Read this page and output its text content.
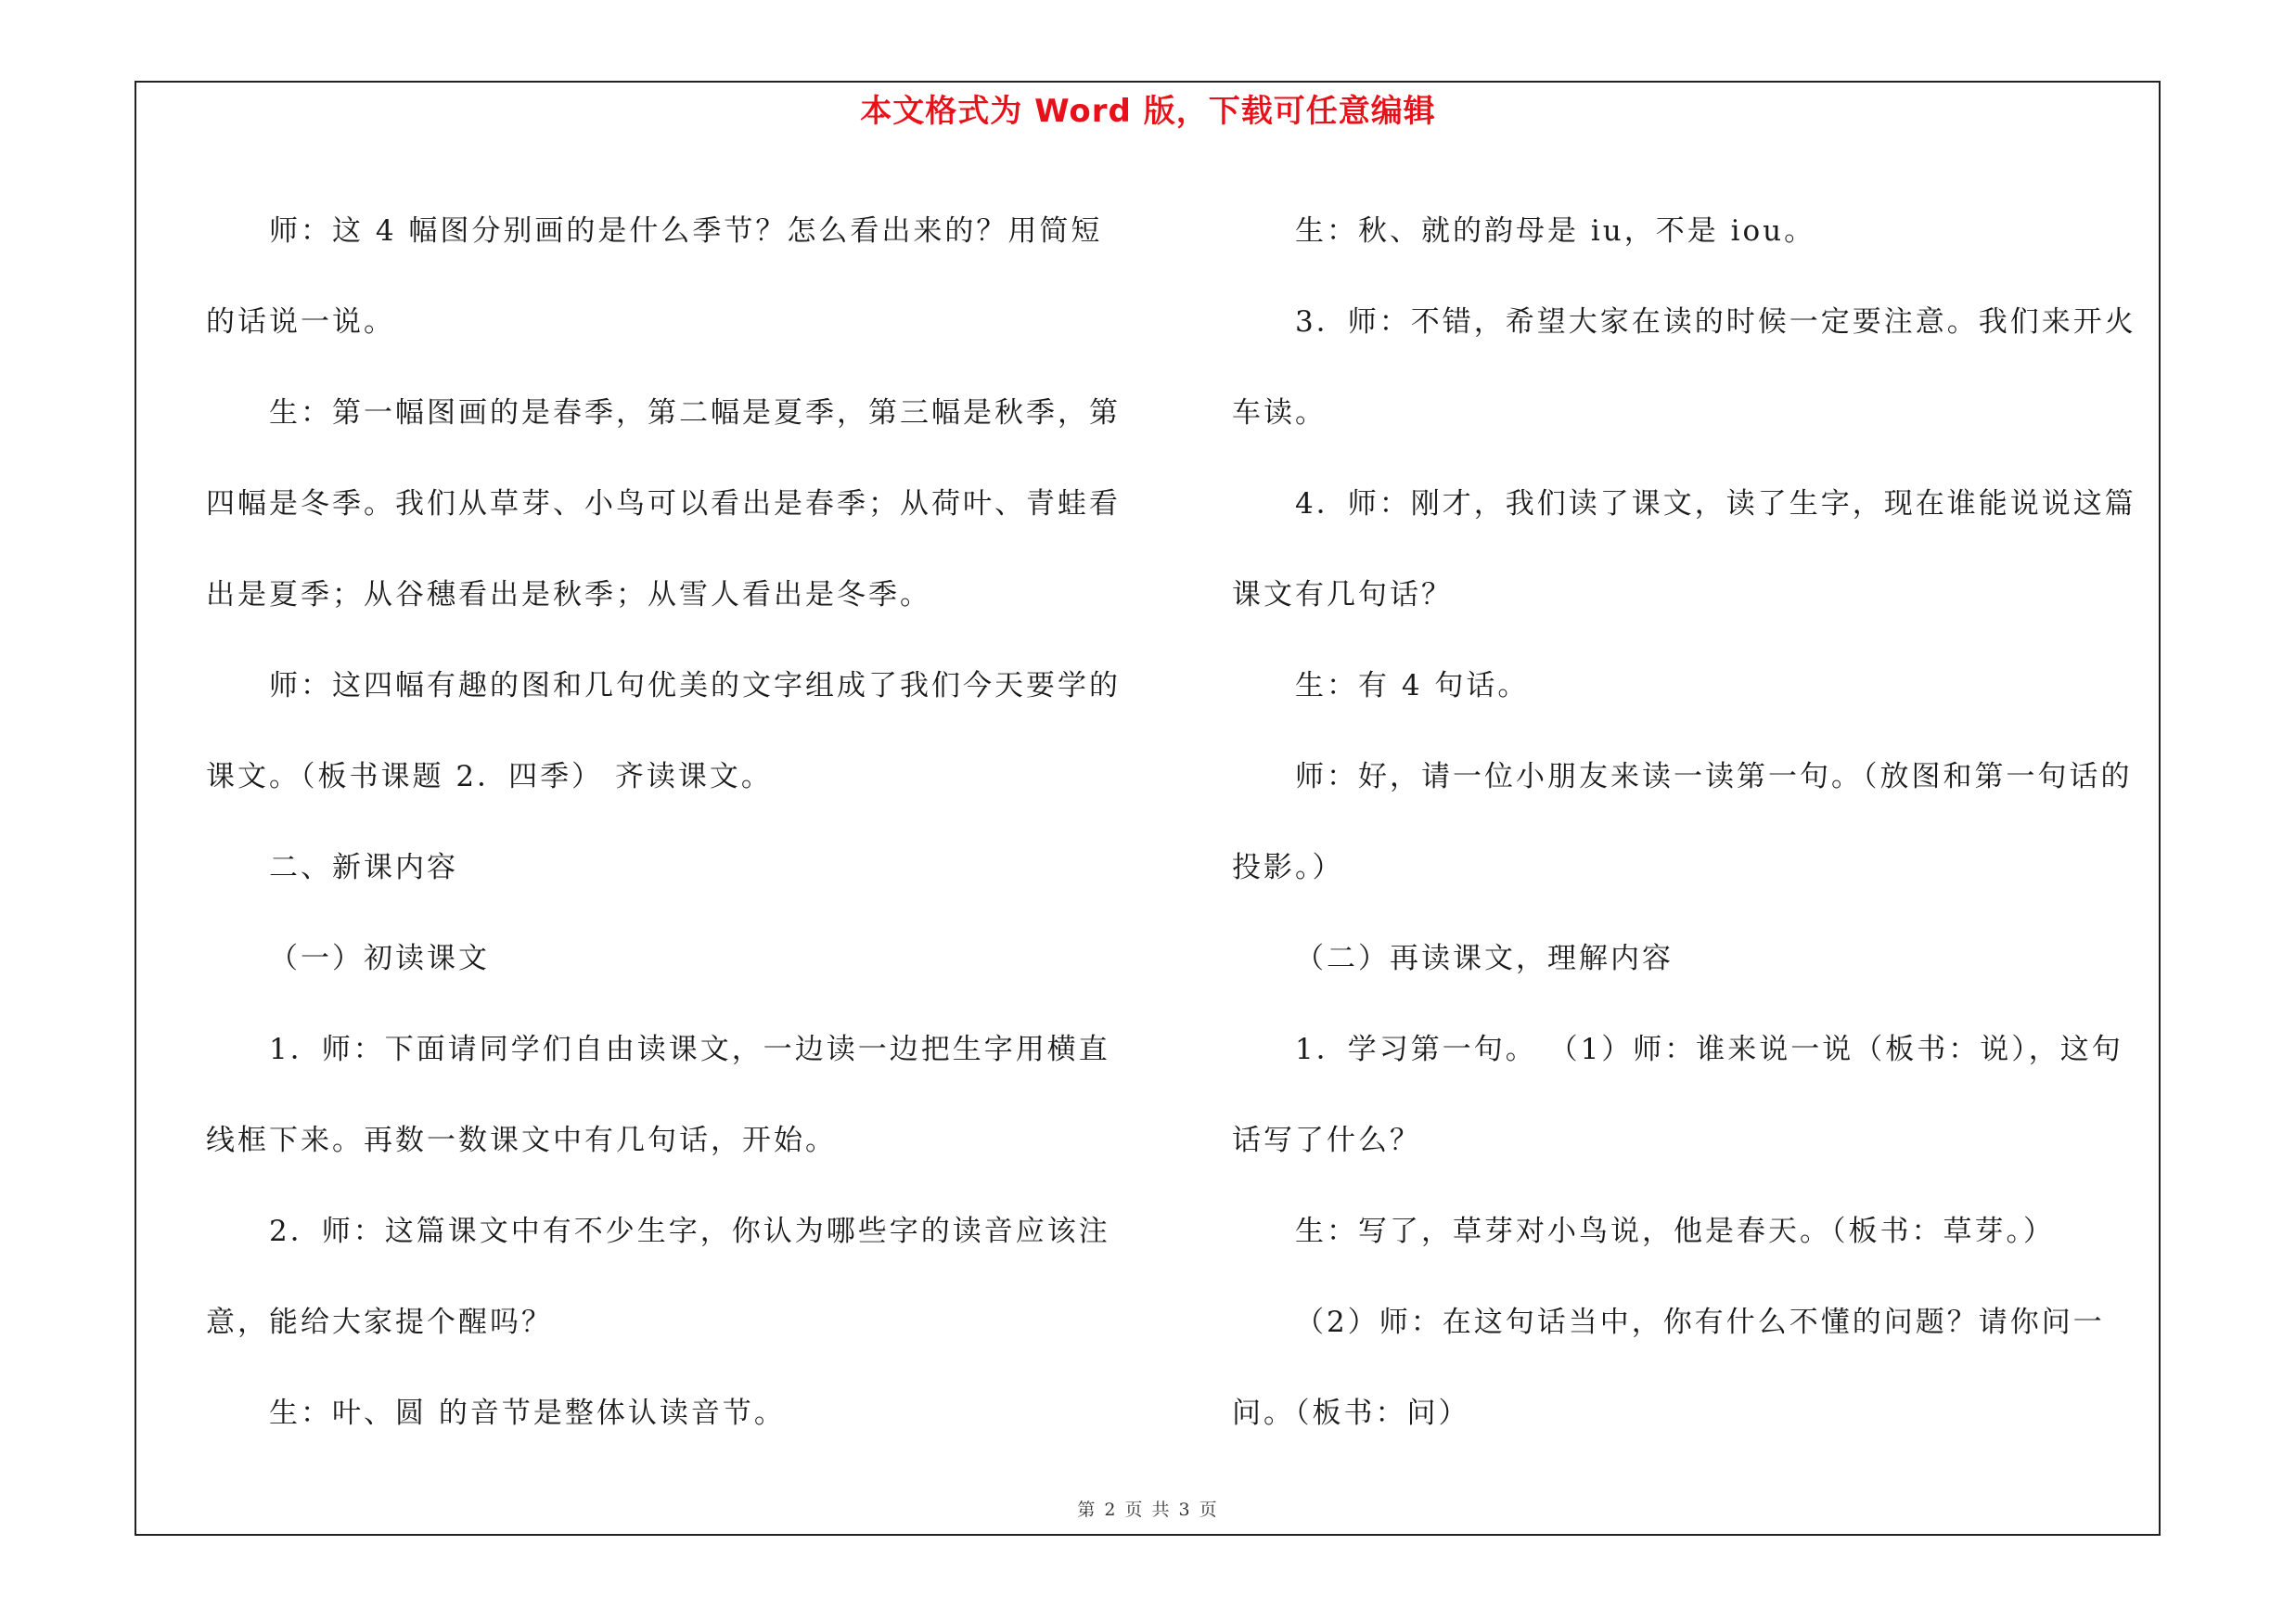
本文格式为 Word 版，下载可任意编辑

师：这 4 幅图分别画的是什么季节？怎么看出来的？用简短的话说一说。

生：第一幅图画的是春季，第二幅是夏季，第三幅是秋季，第四幅是冬季。我们从草芽、小鸟可以看出是春季；从荷叶、青蛙看出是夏季；从谷穗看出是秋季；从雪人看出是冬季。

师：这四幅有趣的图和几句优美的文字组成了我们今天要学的课文。（板书课题 2．四季） 齐读课文。

二、新课内容

（一）初读课文

1．师：下面请同学们自由读课文，一边读一边把生字用横直线框下来。再数一数课文中有几句话，开始。

2．师：这篇课文中有不少生字，你认为哪些字的读音应该注意，能给大家提个醒吗？

生：叶、圆 的音节是整体认读音节。

生：秋、就的韵母是 iu，不是 iou。

3．师：不错，希望大家在读的时候一定要注意。我们来开火车读。

4．师：刚才，我们读了课文，读了生字，现在谁能说说这篇课文有几句话？

生：有 4 句话。

师：好，请一位小朋友来读一读第一句。（放图和第一句话的投影。）

（二）再读课文，理解内容

1．学习第一句。 （1）师：谁来说一说（板书：说），这句话写了什么？

生：写了，草芽对小鸟说，他是春天。（板书：草芽。）

（2）师：在这句话当中，你有什么不懂的问题？请你问一问。（板书：问）

第 2 页 共 3 页
